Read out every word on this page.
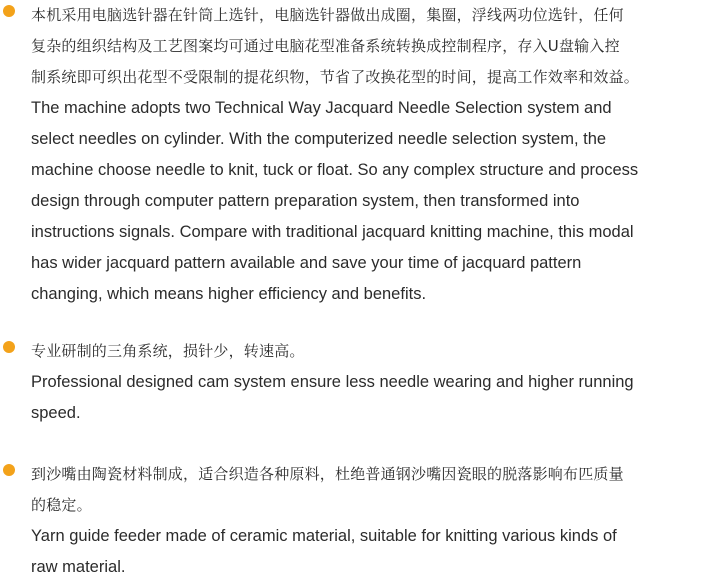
本机采用电脑选针器在针筒上选针，电脑选针器做出成圈，集圈，浮线两功位选针，任何
复杂的组织结构及工艺图案均可通过电脑花型准备系统转换成控制程序，存入U盘输入控
制系统即可织出花型不受限制的提花织物，节省了改换花型的时间，提高工作效率和效益。
The machine adopts two Technical Way Jacquard Needle Selection system and
select needles on cylinder. With the computerized needle selection system, the
machine choose needle to knit, tuck or float. So any complex structure and process
design through computer pattern preparation system, then transformed into
instructions signals. Compare with traditional jacquard knitting machine, this modal
has wider jacquard pattern available and save your time of jacquard pattern
changing, which means higher efficiency and benefits.
专业研制的三角系统，损针少，转速高。
Professional designed cam system ensure less needle wearing and higher running
speed.
到沙嘴由陶瓷材料制成，适合织造各种原料，杜绝普通钢沙嘴因瓷眼的脱落影响布匹质量
的稳定。
Yarn guide feeder made of ceramic material, suitable for knitting various kinds of
raw material.
